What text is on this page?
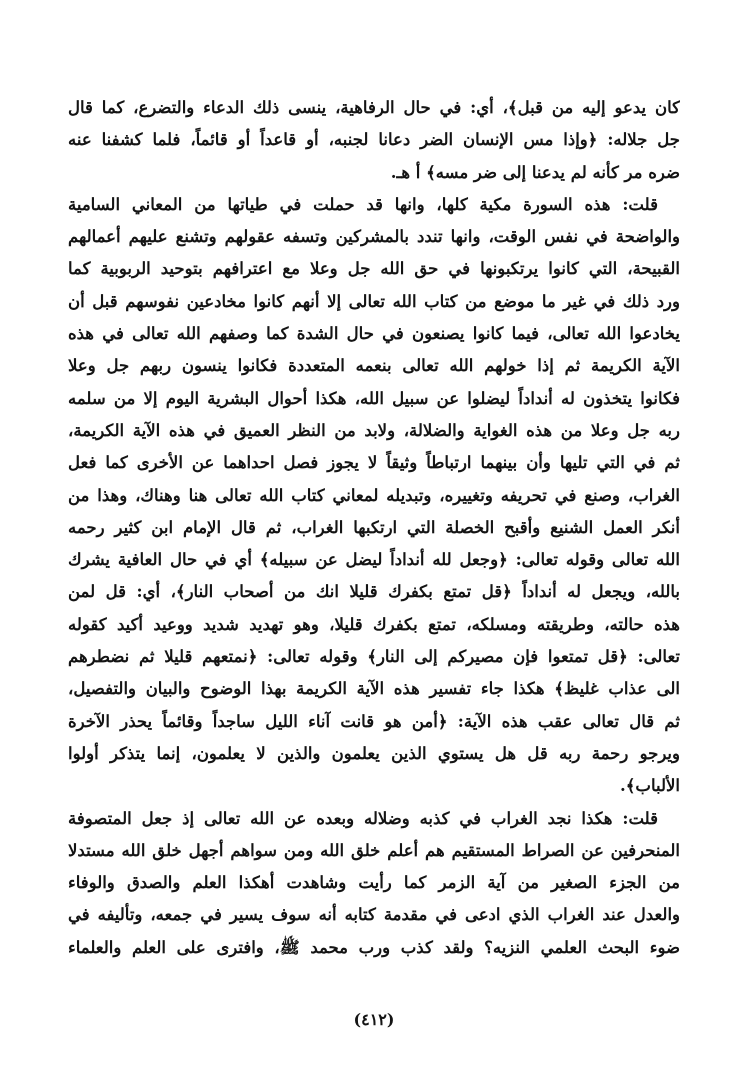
كان يدعو إليه من قبل﴾، أي: في حال الرفاهية، ينسى ذلك الدعاء والتضرع، كما قال
جل جلاله: ﴿وإذا مس الإنسان الضر دعانا لجنبه، أو قاعداً أو قائماً، فلما كشفنا عنه
ضره مر كأنه لم يدعنا إلى ضر مسه﴾ أ هـ.
قلت: هذه السورة مكية كلها، وانها قد حملت في طياتها من المعاني السامية
والواضحة في نفس الوقت، وانها تندد بالمشركين وتسفه عقولهم وتشنع عليهم أعمالهم
القبيحة، التي كانوا يرتكبونها في حق الله جل وعلا مع اعترافهم بتوحيد الربوبية كما
ورد ذلك في غير ما موضع من كتاب الله تعالى إلا أنهم كانوا مخادعين نفوسهم قبل أن
يخادعوا الله تعالى، فيما كانوا يصنعون في حال الشدة كما وصفهم الله تعالى في هذه
الآية الكريمة ثم إذا خولهم الله تعالى بنعمه المتعددة فكانوا ينسون ربهم جل وعلا
فكانوا يتخذون له أنداداً ليضلوا عن سبيل الله، هكذا أحوال البشرية اليوم إلا من سلمه
ربه جل وعلا من هذه الغواية والضلالة، ولابد من النظر العميق في هذه الآية الكريمة،
ثم في التي تليها وأن بينهما ارتباطاً وثيقاً لا يجوز فصل احداهما عن الأخرى كما فعل
الغراب، وصنع في تحريفه وتغييره، وتبديله لمعاني كتاب الله تعالى هنا وهناك، وهذا من
أنكر العمل الشنيع وأقبح الخصلة التي ارتكبها الغراب، ثم قال الإمام ابن كثير رحمه
الله تعالى وقوله تعالى: ﴿وجعل لله أنداداً ليضل عن سبيله﴾ أي في حال العافية يشرك
بالله، ويجعل له أنداداً ﴿قل تمتع بكفرك قليلا انك من أصحاب النار﴾، أي: قل لمن
هذه حالته، وطريقته ومسلكه، تمتع بكفرك قليلا، وهو تهديد شديد ووعيد أكيد كقوله
تعالى: ﴿قل تمتعوا فإن مصيركم إلى النار﴾ وقوله تعالى: ﴿نمتعهم قليلا ثم نضطرهم
الى عذاب غليظ﴾ هكذا جاء تفسير هذه الآية الكريمة بهذا الوضوح والبيان والتفصيل،
ثم قال تعالى عقب هذه الآية: ﴿أمن هو قانت آناء الليل ساجداً وقائماً يحذر الآخرة
ويرجو رحمة ربه قل هل يستوي الذين يعلمون والذين لا يعلمون، إنما يتذكر أولوا
الألباب﴾.
قلت: هكذا نجد الغراب في كذبه وضلاله وبعده عن الله تعالى إذ جعل المتصوفة
المنحرفين عن الصراط المستقيم هم أعلم خلق الله ومن سواهم أجهل خلق الله مستدلا
من الجزء الصغير من آية الزمر كما رأيت وشاهدت أهكذا العلم والصدق والوفاء
والعدل عند الغراب الذي ادعى في مقدمة كتابه أنه سوف يسير في جمعه، وتأليفه في
ضوء البحث العلمي النزيه؟ ولقد كذب ورب محمد ﷺ، وافترى على العلم والعلماء
(٤١٢)
